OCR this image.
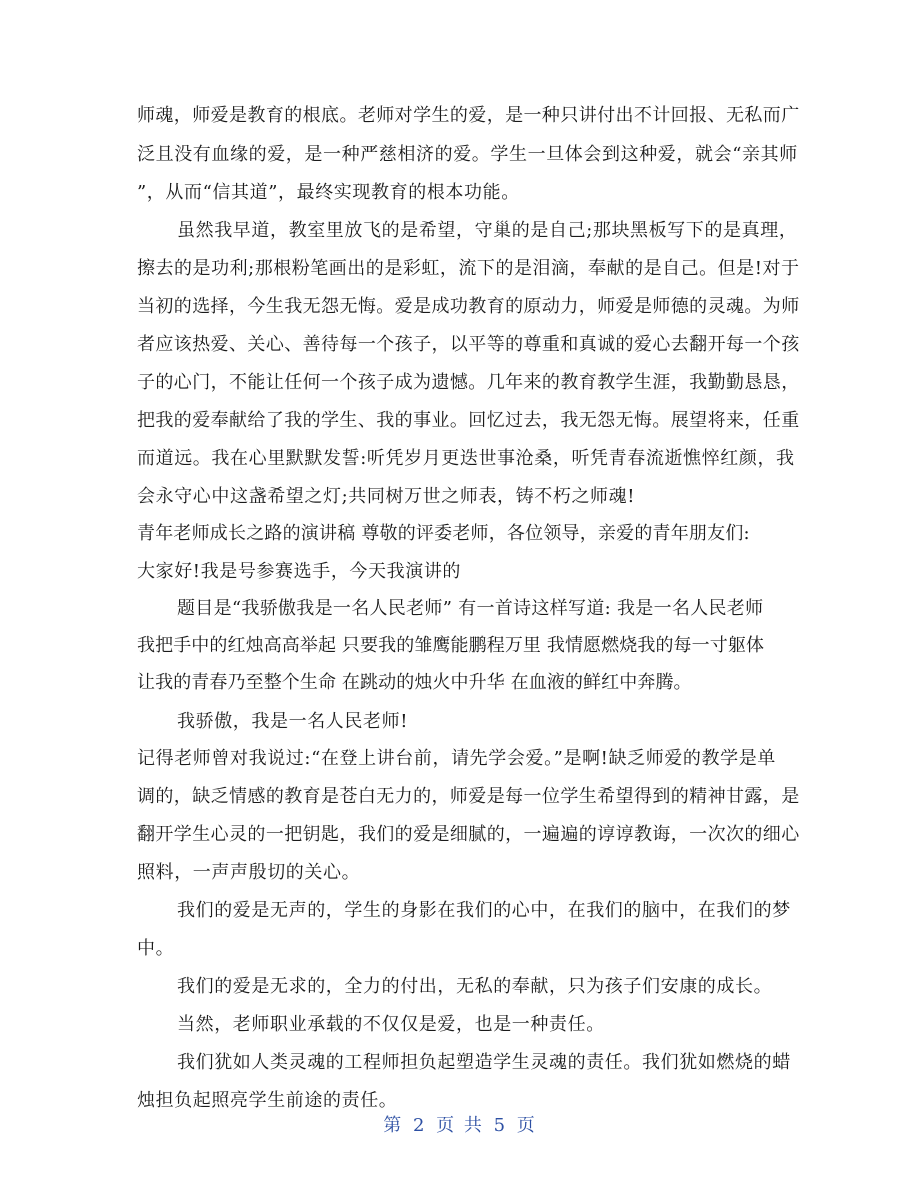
师魂，师爱是教育的根底。老师对学生的爱，是一种只讲付出不计回报、无私而广
泛且没有血缘的爱，是一种严慈相济的爱。学生一旦体会到这种爱，就会“亲其师
”，从而“信其道”，最终实现教育的根本功能。
虽然我早道，教室里放飞的是希望，守巢的是自己;那块黑板写下的是真理，
擦去的是功利;那根粉笔画出的是彩虹，流下的是泪滴，奉献的是自己。但是!对于
当初的选择，今生我无怨无悔。爱是成功教育的原动力，师爱是师德的灵魂。为师
者应该热爱、关心、善待每一个孩子，以平等的尊重和真诚的爱心去翻开每一个孩
子的心门，不能让任何一个孩子成为遗憾。几年来的教育教学生涯，我勤勤恳恳，
把我的爱奉献给了我的学生、我的事业。回忆过去，我无怨无悔。展望将来，任重
而道远。我在心里默默发誓:听凭岁月更迭世事沧桑，听凭青春流逝憔悴红颜，我
会永守心中这盏希望之灯;共同树万世之师表，铸不朽之师魂!
青年老师成长之路的演讲稿 尊敬的评委老师，各位领导，亲爱的青年朋友们:
大家好!我是号参赛选手，今天我演讲的
题目是“我骄傲我是一名人民老师” 有一首诗这样写道: 我是一名人民老师
我把手中的红烛高高举起 只要我的雏鹰能鹏程万里 我情愿燃烧我的每一寸躯体
让我的青春乃至整个生命 在跳动的烛火中升华 在血液的鲜红中奔腾。
我骄傲，我是一名人民老师!
记得老师曾对我说过:“在登上讲台前，请先学会爱。”是啊!缺乏师爱的教学是单
调的，缺乏情感的教育是苍白无力的，师爱是每一位学生希望得到的精神甘露，是
翻开学生心灵的一把钥匙，我们的爱是细腻的，一遍遍的谆谆教诲，一次次的细心
照料，一声声殷切的关心。
我们的爱是无声的，学生的身影在我们的心中，在我们的脑中，在我们的梦
中。
我们的爱是无求的，全力的付出，无私的奉献，只为孩子们安康的成长。
当然，老师职业承载的不仅仅是爱，也是一种责任。
我们犹如人类灵魂的工程师担负起塑造学生灵魂的责任。我们犹如燃烧的蜡
烛担负起照亮学生前途的责任。
第 2 页 共 5 页
